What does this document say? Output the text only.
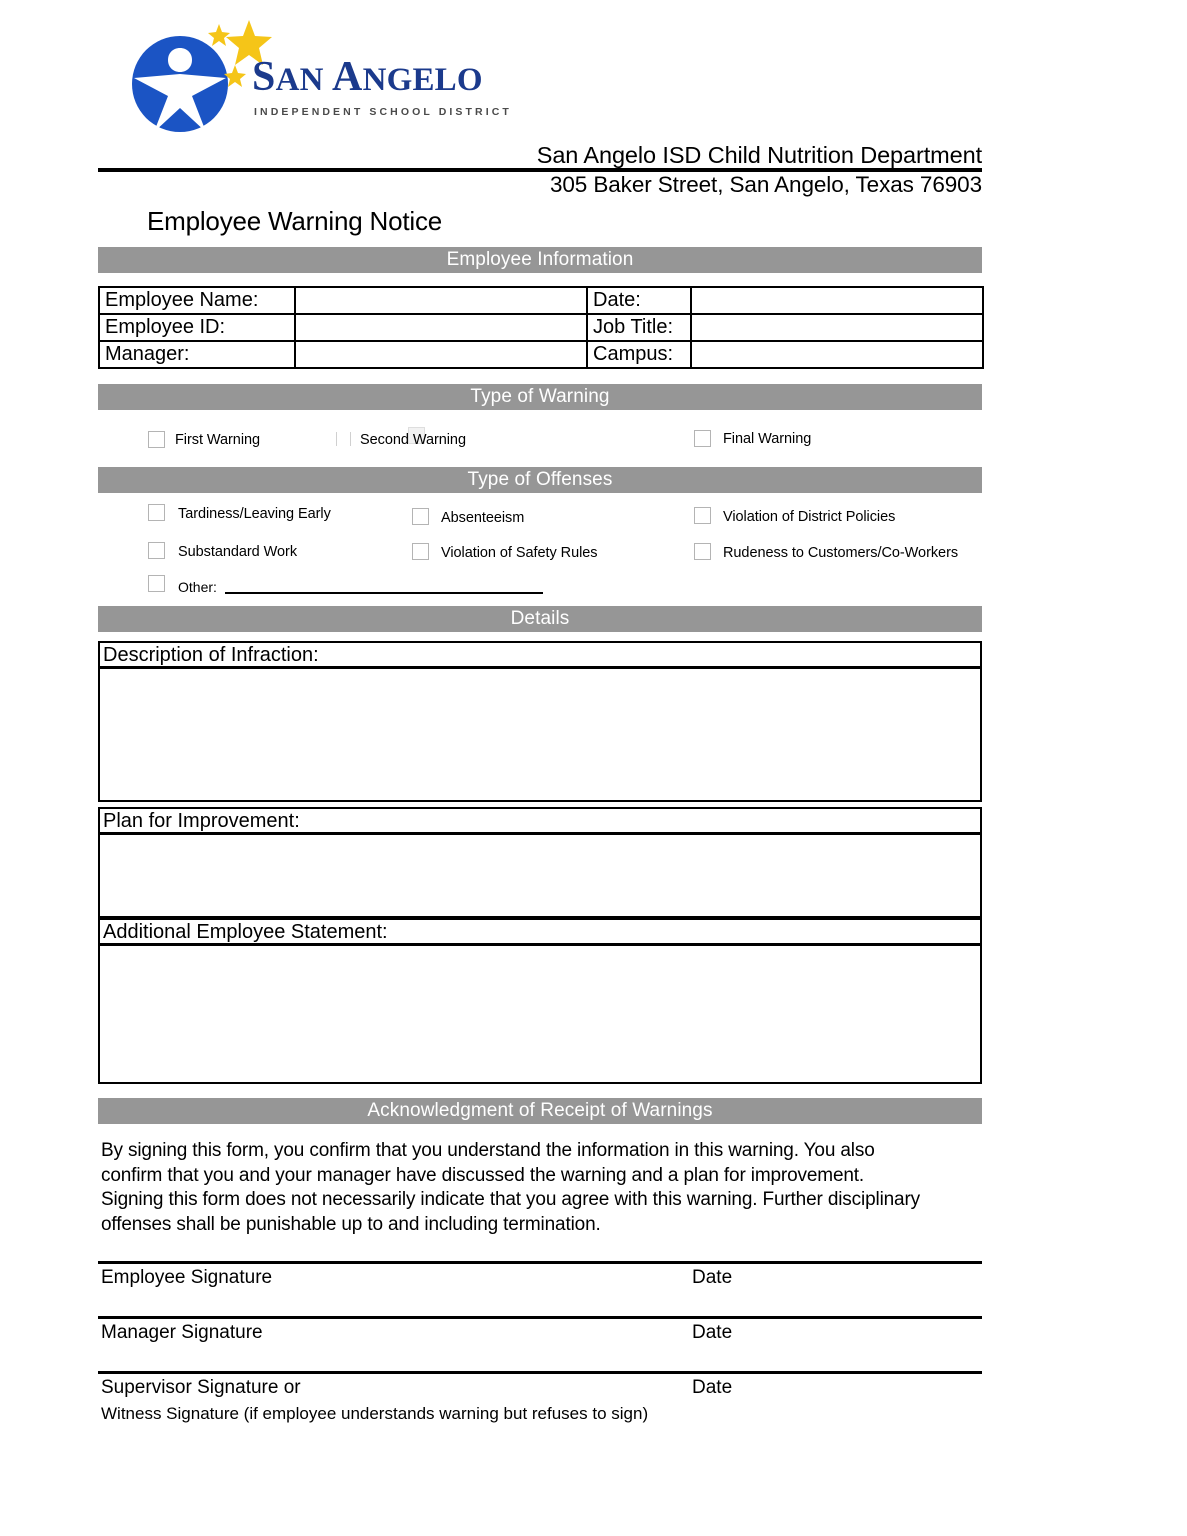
SAN ANGELO
INDEPENDENT SCHOOL DISTRICT
San Angelo ISD Child Nutrition Department
305 Baker Street, San Angelo, Texas 76903
Employee Warning Notice
Employee Information
Employee Name:		Date:	
Employee ID:		Job Title:	
Manager:		Campus:	
Type of Warning
First Warning	Second Warning	Final Warning
Type of Offenses
Tardiness/Leaving Early	Absenteeism	Violation of District Policies
Substandard Work	Violation of Safety Rules	Rudeness to Customers/Co-Workers
Other:
Details
Description of Infraction:
Plan for Improvement:
Additional Employee Statement:
Acknowledgment of Receipt of Warnings
By signing this form, you confirm that you understand the information in this warning. You also confirm that you and your manager have discussed the warning and a plan for improvement. Signing this form does not necessarily indicate that you agree with this warning. Further disciplinary offenses shall be punishable up to and including termination.
Employee Signature	Date
Manager Signature	Date
Supervisor Signature or	Date
Witness Signature (if employee understands warning but refuses to sign)
